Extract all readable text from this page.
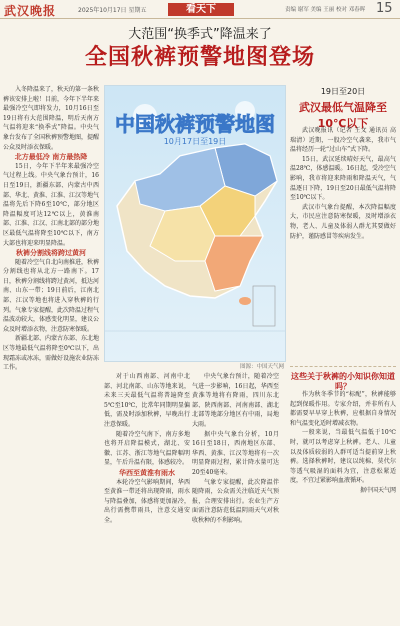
武汉晚报	2025年10月17日 星期五	看天下	责编 谢军 美编 王丽 校对 邓春晖 15
大范围“换季式”降温来了
全国秋裤预警地图登场

入冬降温来了，秋天的第一条秋裤该安排上啦！目前，今年下半年来最强冷空气即将发力，10月16日至19日将有大范围降温，明后天南方气温将迎来“换季式”降温。中央气象台发布了全国秋裤预警地图，提醒公众及时添衣保暖。

北方最低冷 南方最热降

15日，今年下半年来最强冷空气过程上线。中央气象台预计，16日至19日，新疆东部、内蒙古中西部、华北、黄淮、江淮、江汉等地气温将先后下降6至10℃，部分地区降温幅度可达12℃以上，黄淮南部、江淮、江汉、江南北部的部分地区最低气温将降至10℃以下，南方大部也将迎来明显降温。

秋裤分割线将跨过黄河

随着冷空气自北向南推进，秋裤分割线也将从北方一路南下。17日，秋裤分割线将跨过黄河，抵达河南、山东一带；19日前后，江南北部、江汉等地也将进入穿秋裤的行列。气象专家提醒，此次降温过程气温波动较大，体感变化明显，建议公众及时增添衣物，注意防寒保暖。

新疆北部、内蒙古东部、东北地区等地最低气温将降至0℃以下，出现霜冻或冰冻，需做好设施农业防冻工作。

中国秋裤预警地图
10月17日至19日
图源：中国天气网

对于山西南部、河南中北部、河北南部、山东等地来说，未来三天最低气温将普遍降至5℃至10℃，比常年同期明显偏低，需及时添加秋裤，早晚出行注意保暖。

随着冷空气南下，南方多地也将开启降温模式，湖北、安徽、江苏、浙江等地气温降幅明显，午后升温有限，体感较冷。

华西至黄淮有雨水

本轮冷空气影响期间，华西至黄淮一带还将出现降雨，雨水与降温叠加，体感将更加湿冷，出行需携带雨具，注意交通安全。

中央气象台预计，随着冷空气进一步影响，16日起，华西至黄淮等地将有降雨，四川东北部、陕西南部、河南南部、湖北北部等地部分地区有中雨，局地大雨。

据中央气象台分析，10月16日至18日，西南地区东部、华西、黄淮、江汉等地将有一次明显降雨过程，累计降水量可达20至40毫米。

气象专家提醒，此次降温伴随降雨，公众需关注临近天气预报，合理安排出行。农业生产方面需注意防范低温阴雨天气对秋收秋种的不利影响。

19日至20日
武汉最低气温降至10℃以下

武汉晚报讯（记者 王文 通讯员 高瑞清）近期，一股冷空气袭来，我市气温将经历一轮“过山车”式下降。

15日，武汉延续晴好天气，最高气温28℃，体感温暖。16日起，受冷空气影响，我市将迎来降雨和降温天气，气温逐日下降，19日至20日最低气温将降至10℃以下。

武汉市气象台提醒，本次降温幅度大，市民应注意防寒保暖，及时增添衣物，老人、儿童及体弱人群尤其要做好防护，谨防感冒等疾病发生。

这些关于秋裤的小知识你知道吗？

作为秋冬季节的“标配”，秋裤能够起到保暖作用。专家介绍，并非所有人都需要早早穿上秋裤，应根据自身情况和气温变化适时增减衣物。

一般来说，当最低气温低于10℃时，就可以考虑穿上秋裤。老人、儿童以及体质较弱的人群可适当提前穿上秋裤。选择秋裤时，建议以纯棉、莫代尔等透气吸湿的面料为宜，注意松紧适度，不宜过紧影响血液循环。

据中国天气网
